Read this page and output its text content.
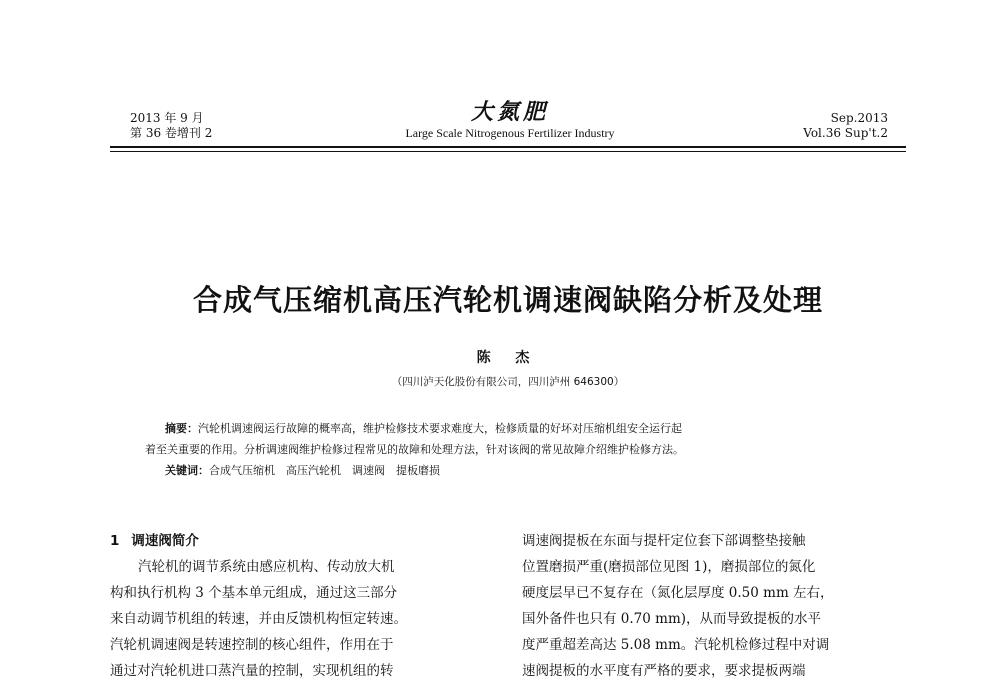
2013 年 9 月
第 36 卷增刊 2
大氮肥
Large Scale Nitrogenous Fertilizer Industry
Sep.2013
Vol.36 Sup't.2
合成气压缩机高压汽轮机调速阀缺陷分析及处理
陈 杰
（四川泸天化股份有限公司，四川泸州 646300）

摘要：汽轮机调速阀运行故障的概率高，维护检修技术要求难度大，检修质量的好坏对压缩机组安全运行起

着至关重要的作用。分析调速阀维护检修过程常见的故障和处理方法，针对该阀的常见故障介绍维护检修方法。

关键词：合成气压缩机　高压汽轮机　调速阀　提板磨损

1 调速阀简介
汽轮机的调节系统由感应机构、传动放大机
构和执行机构 3 个基本单元组成，通过这三部分
来自动调节机组的转速，并由反馈机构恒定转速。
汽轮机调速阀是转速控制的核心组件，作用在于
通过对汽轮机进口蒸汽量的控制，实现机组的转
调速阀提板在东面与提杆定位套下部调整垫接触
位置磨损严重(磨损部位见图 1)，磨损部位的氮化
硬度层早已不复存在（氮化层厚度 0.50 mm 左右，
国外备件也只有 0.70 mm)，从而导致提板的水平
度严重超差高达 5.08 mm。汽轮机检修过程中对调
速阀提板的水平度有严格的要求，要求提板两端
